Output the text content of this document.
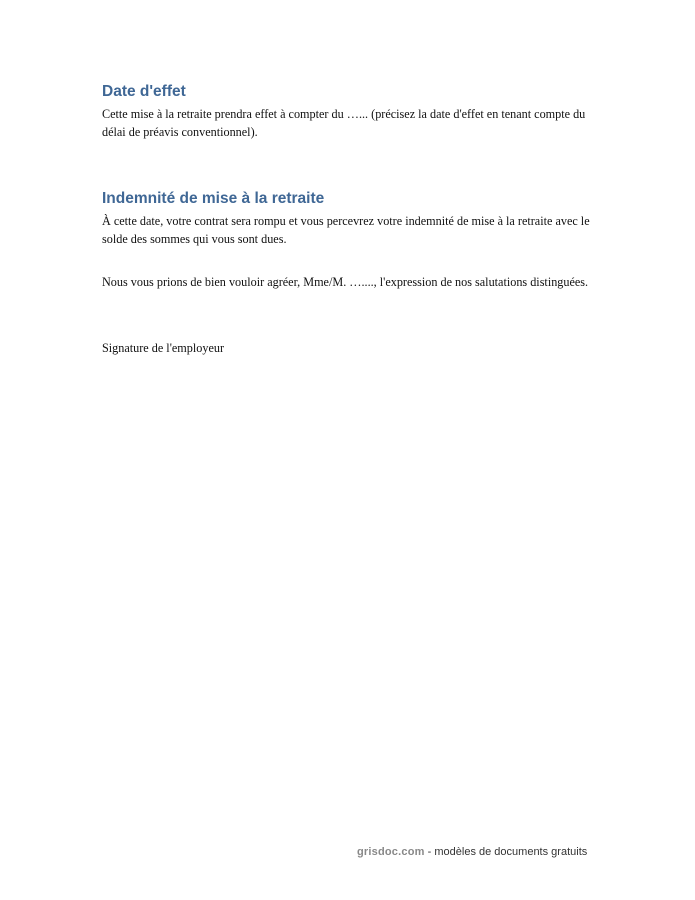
Date d'effet

Cette mise à la retraite prendra effet à compter du …... (précisez la date d'effet en tenant compte du délai de préavis conventionnel).

Indemnité de mise à la retraite

À cette date, votre contrat sera rompu et vous percevrez votre indemnité de mise à la retraite avec le solde des sommes qui vous sont dues.

Nous vous prions de bien vouloir agréer, Mme/M. …...., l'expression de nos salutations distinguées.

Signature de l'employeur

grisdoc.com - modèles de documents gratuits
